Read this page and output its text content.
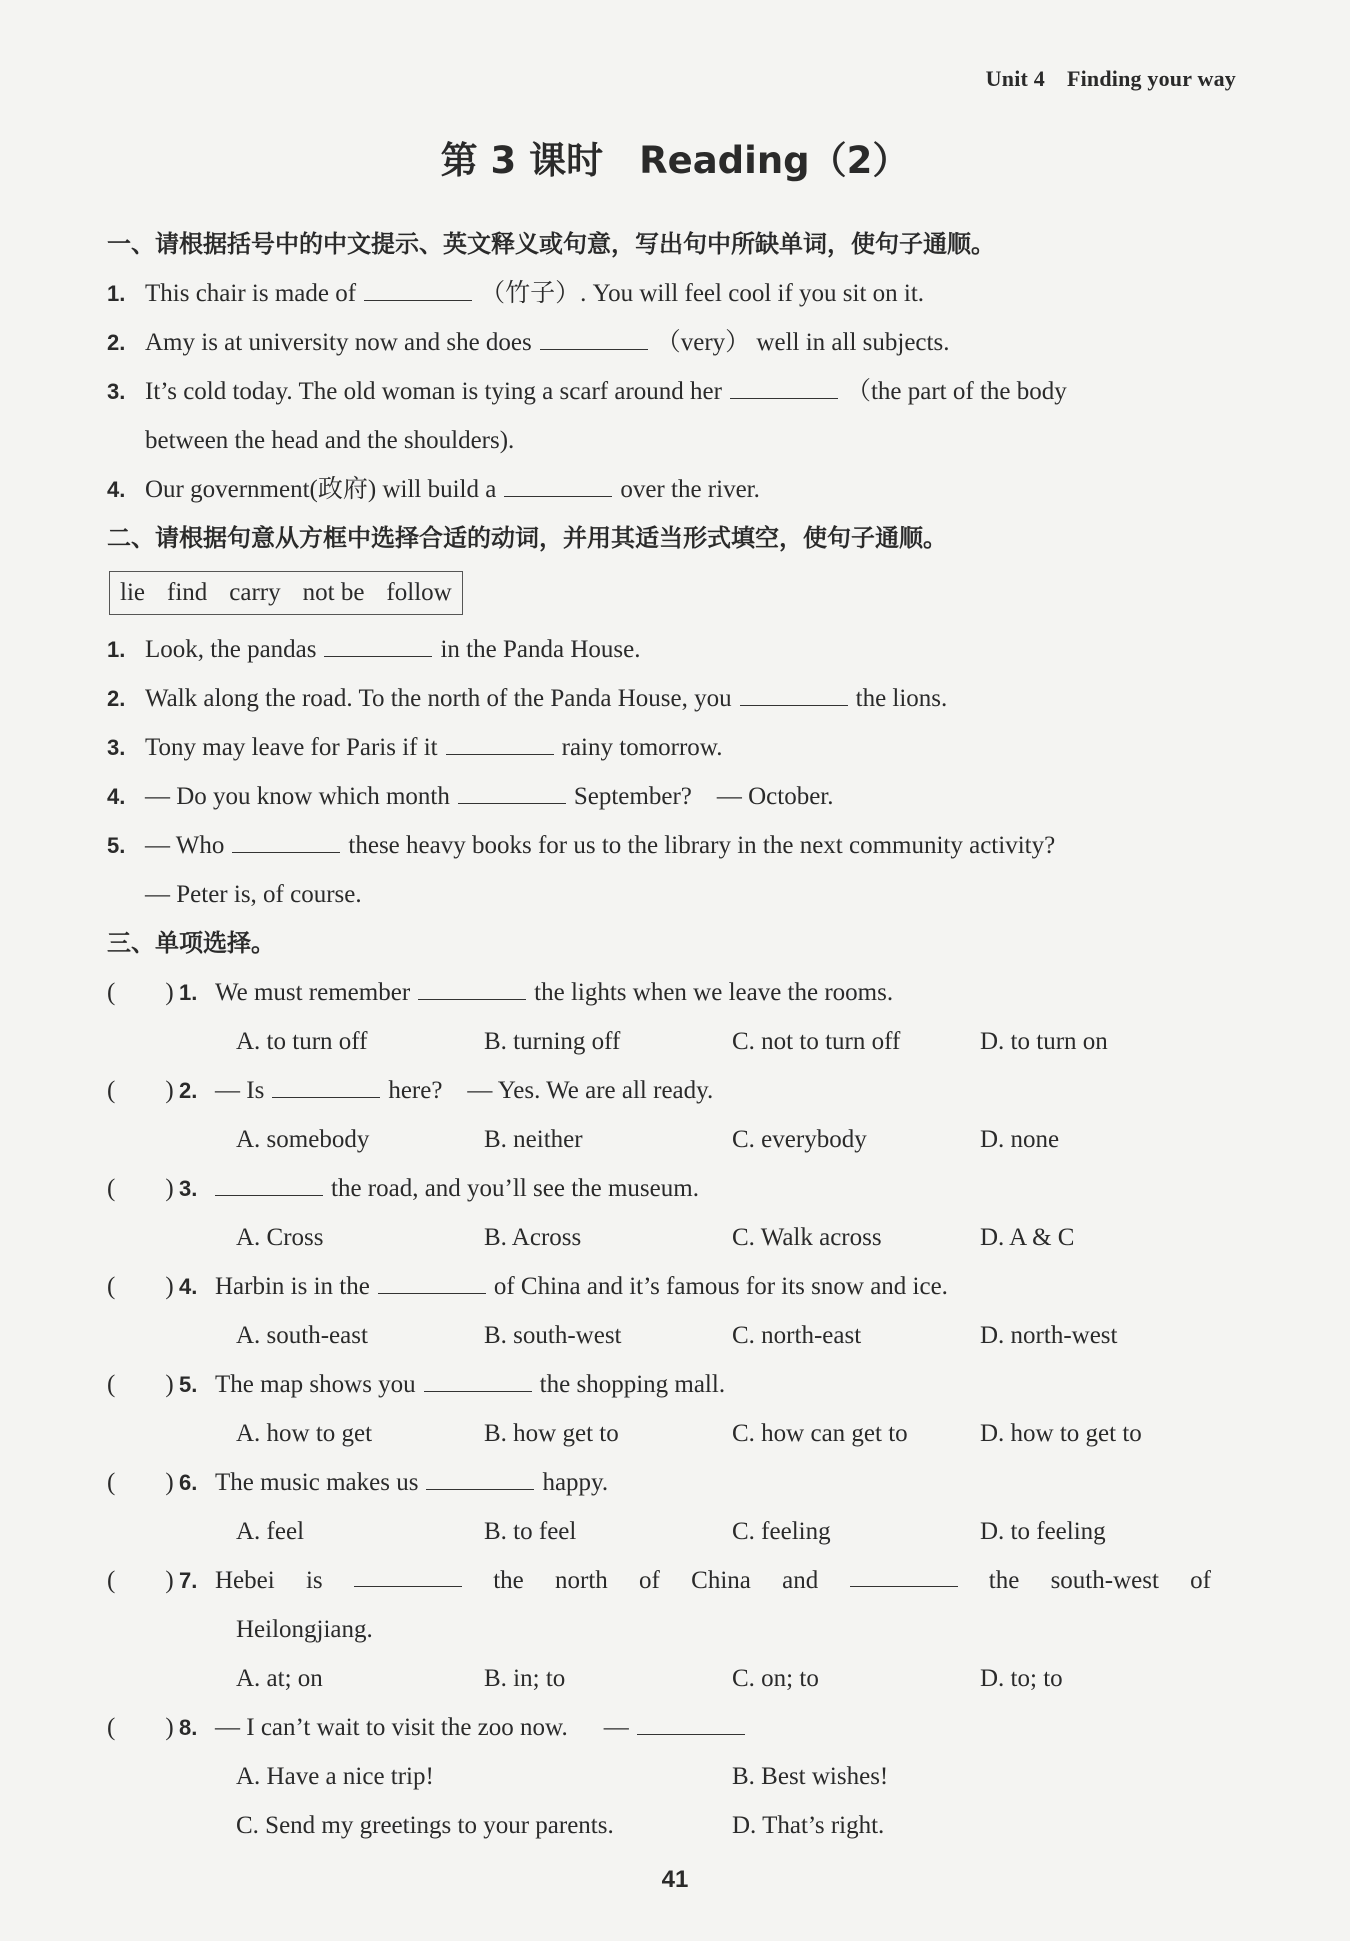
Unit 4 Finding your way
第 3 课时 Reading（2）
一、请根据括号中的中文提示、英文释义或句意，写出句中所缺单词，使句子通顺。
1. This chair is made of	（竹子）. You will feel cool if you sit on it.
2. Amy is at university now and she does	（very） well in all subjects.
3. It’s cold today. The old woman is tying a scarf around her	（the part of the body
between the head and the shoulders).
4. Our government(政府) will build a	over the river.
二、请根据句意从方框中选择合适的动词，并用其适当形式填空，使句子通顺。
lie find carry not be follow
1. Look, the pandas	in the Panda House.
2. Walk along the road. To the north of the Panda House, you	the lions.
3. Tony may leave for Paris if it	rainy tomorrow.
4. — Do you know which month	September?    — October.
5. — Who	these heavy books for us to the library in the next community activity?
— Peter is, of course.
三、单项选择。
(        ) 1. We must remember	the lights when we leave the rooms.
A. to turn off	B. turning off	C. not to turn off	D. to turn on
(        ) 2. — Is	here?    — Yes. We are all ready.
A. somebody	B. neither	C. everybody	D. none
(        ) 3.	the road, and you’ll see the museum.
A. Cross	B. Across	C. Walk across	D. A & C
(        ) 4. Harbin is in the	of China and it’s famous for its snow and ice.
A. south-east	B. south-west	C. north-east	D. north-west
(        ) 5. The map shows you	the shopping mall.
A. how to get	B. how get to	C. how can get to	D. how to get to
(        ) 6. The music makes us	happy.
A. feel	B. to feel	C. feeling	D. to feeling
(        ) 7. Hebei is	the north of China and	the south-west of
Heilongjiang.
A. at; on	B. in; to	C. on; to	D. to; to
(        ) 8. — I can’t wait to visit the zoo now. —
A. Have a nice trip!	B. Best wishes!
C. Send my greetings to your parents.	D. That’s right.
41
